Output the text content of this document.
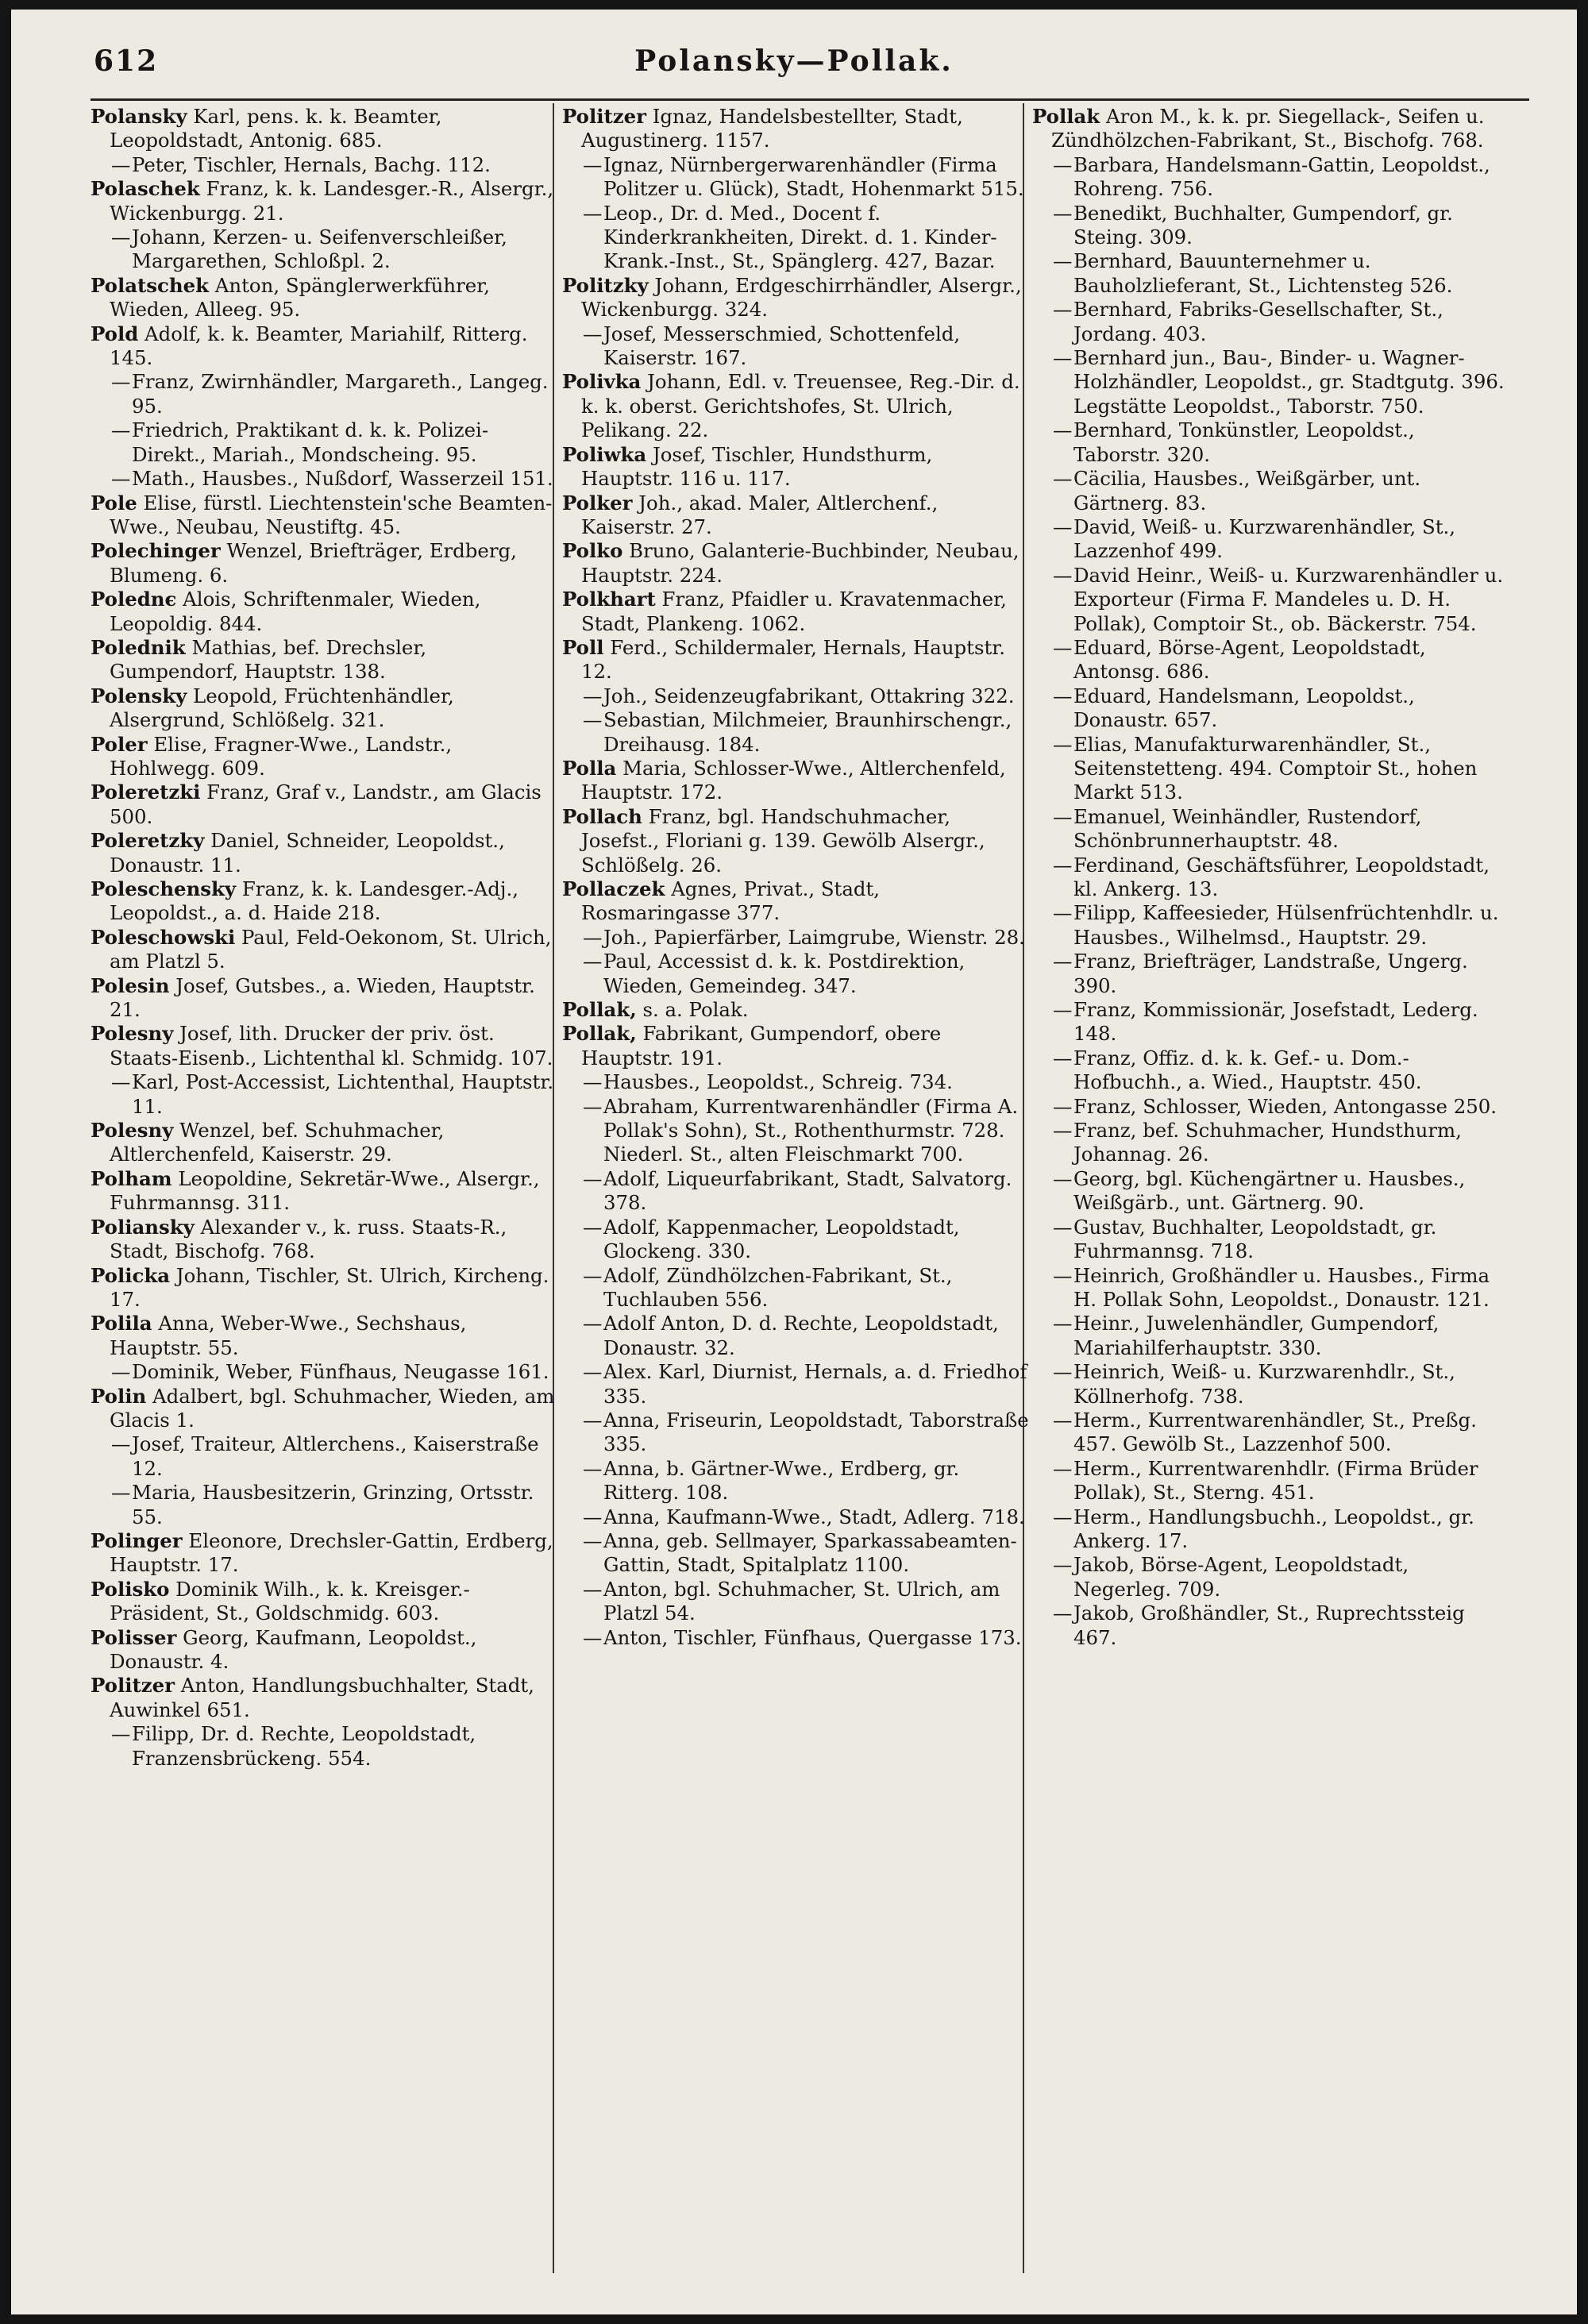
612	Polansky—Pollak.

Polansky Karl, pens. k. k. Beamter, Leopoldstadt, Antonig. 685.

—Peter, Tischler, Hernals, Bachg. 112.

Polaschek Franz, k. k. Landesger.-R., Alsergr., Wickenburgg. 21.

—Johann, Kerzen- u. Seifenverschleißer, Margarethen, Schloßpl. 2.

Polatschek Anton, Spänglerwerkführer, Wieden, Alleeg. 95.

Pold Adolf, k. k. Beamter, Mariahilf, Ritterg. 145.

—Franz, Zwirnhändler, Margareth., Langeg. 95.

—Friedrich, Praktikant d. k. k. Polizei-Direkt., Mariah., Mondscheing. 95.

—Math., Hausbes., Nußdorf, Wasserzeil 151.

Pole Elise, fürstl. Liechtenstein'sche Beamten-Wwe., Neubau, Neustiftg. 45.

Polechinger Wenzel, Briefträger, Erdberg, Blumeng. 6.

Polednє Alois, Schriftenmaler, Wieden, Leopoldig. 844.

Polednik Mathias, bef. Drechsler, Gumpendorf, Hauptstr. 138.

Polensky Leopold, Früchtenhändler, Alsergrund, Schlößelg. 321.

Poler Elise, Fragner-Wwe., Landstr., Hohlwegg. 609.

Poleretzki Franz, Graf v., Landstr., am Glacis 500.

Poleretzky Daniel, Schneider, Leopoldst., Donaustr. 11.

Poleschensky Franz, k. k. Landesger.-Adj., Leopoldst., a. d. Haide 218.

Poleschowski Paul, Feld-Oekonom, St. Ulrich, am Platzl 5.

Polesin Josef, Gutsbes., a. Wieden, Hauptstr. 21.

Polesny Josef, lith. Drucker der priv. öst. Staats-Eisenb., Lichtenthal kl. Schmidg. 107.

—Karl, Post-Accessist, Lichtenthal, Hauptstr. 11.

Polesny Wenzel, bef. Schuhmacher, Altlerchenfeld, Kaiserstr. 29.

Polham Leopoldine, Sekretär-Wwe., Alsergr., Fuhrmannsg. 311.

Poliansky Alexander v., k. russ. Staats-R., Stadt, Bischofg. 768.

Policka Johann, Tischler, St. Ulrich, Kircheng. 17.

Polila Anna, Weber-Wwe., Sechshaus, Hauptstr. 55.

—Dominik, Weber, Fünfhaus, Neugasse 161.

Polin Adalbert, bgl. Schuhmacher, Wieden, am Glacis 1.

—Josef, Traiteur, Altlerchens., Kaiserstraße 12.

—Maria, Hausbesitzerin, Grinzing, Ortsstr. 55.

Polinger Eleonore, Drechsler-Gattin, Erdberg, Hauptstr. 17.

Polisko Dominik Wilh., k. k. Kreisger.-Präsident, St., Goldschmidg. 603.

Polisser Georg, Kaufmann, Leopoldst., Donaustr. 4.

Politzer Anton, Handlungsbuchhalter, Stadt, Auwinkel 651.

—Filipp, Dr. d. Rechte, Leopoldstadt, Franzensbrückeng. 554.

Politzer Ignaz, Handelsbestellter, Stadt, Augustinerg. 1157.

—Ignaz, Nürnbergerwarenhändler (Firma Politzer u. Glück), Stadt, Hohenmarkt 515.

—Leop., Dr. d. Med., Docent f. Kinderkrankheiten, Direkt. d. 1. Kinder-Krank.-Inst., St., Spänglerg. 427, Bazar.

Politzky Johann, Erdgeschirrhändler, Alsergr., Wickenburgg. 324.

—Josef, Messerschmied, Schottenfeld, Kaiserstr. 167.

Polivka Johann, Edl. v. Treuensee, Reg.-Dir. d. k. k. oberst. Gerichtshofes, St. Ulrich, Pelikang. 22.

Poliwka Josef, Tischler, Hundsthurm, Hauptstr. 116 u. 117.

Polker Joh., akad. Maler, Altlerchenf., Kaiserstr. 27.

Polko Bruno, Galanterie-Buchbinder, Neubau, Hauptstr. 224.

Polkhart Franz, Pfaidler u. Kravatenmacher, Stadt, Plankeng. 1062.

Poll Ferd., Schildermaler, Hernals, Hauptstr. 12.

—Joh., Seidenzeugfabrikant, Ottakring 322.

—Sebastian, Milchmeier, Braunhirschengr., Dreihausg. 184.

Polla Maria, Schlosser-Wwe., Altlerchenfeld, Hauptstr. 172.

Pollach Franz, bgl. Handschuhmacher, Josefst., Floriani g. 139. Gewölb Alsergr., Schlößelg. 26.

Pollaczek Agnes, Privat., Stadt, Rosmaringasse 377.

—Joh., Papierfärber, Laimgrube, Wienstr. 28.

—Paul, Accessist d. k. k. Postdirektion, Wieden, Gemeindeg. 347.

Pollak, s. a. Polak.

Pollak, Fabrikant, Gumpendorf, obere Hauptstr. 191.

—Hausbes., Leopoldst., Schreig. 734.

—Abraham, Kurrentwarenhändler (Firma A. Pollak's Sohn), St., Rothenthurmstr. 728. Niederl. St., alten Fleischmarkt 700.

—Adolf, Liqueurfabrikant, Stadt, Salvatorg. 378.

—Adolf, Kappenmacher, Leopoldstadt, Glockeng. 330.

—Adolf, Zündhölzchen-Fabrikant, St., Tuchlauben 556.

—Adolf Anton, D. d. Rechte, Leopoldstadt, Donaustr. 32.

—Alex. Karl, Diurnist, Hernals, a. d. Friedhof 335.

—Anna, Friseurin, Leopoldstadt, Taborstraße 335.

—Anna, b. Gärtner-Wwe., Erdberg, gr. Ritterg. 108.

—Anna, Kaufmann-Wwe., Stadt, Adlerg. 718.

—Anna, geb. Sellmayer, Sparkassabeamten-Gattin, Stadt, Spitalplatz 1100.

—Anton, bgl. Schuhmacher, St. Ulrich, am Platzl 54.

—Anton, Tischler, Fünfhaus, Quergasse 173.

Pollak Aron M., k. k. pr. Siegellack-, Seifen u. Zündhölzchen-Fabrikant, St., Bischofg. 768.

—Barbara, Handelsmann-Gattin, Leopoldst., Rohreng. 756.

—Benedikt, Buchhalter, Gumpendorf, gr. Steing. 309.

—Bernhard, Bauunternehmer u. Bauholzlieferant, St., Lichtensteg 526.

—Bernhard, Fabriks-Gesellschafter, St., Jordang. 403.

—Bernhard jun., Bau-, Binder- u. Wagner-Holzhändler, Leopoldst., gr. Stadtgutg. 396. Legstätte Leopoldst., Taborstr. 750.

—Bernhard, Tonkünstler, Leopoldst., Taborstr. 320.

—Cäcilia, Hausbes., Weißgärber, unt. Gärtnerg. 83.

—David, Weiß- u. Kurzwarenhändler, St., Lazzenhof 499.

—David Heinr., Weiß- u. Kurzwarenhändler u. Exporteur (Firma F. Mandeles u. D. H. Pollak), Comptoir St., ob. Bäckerstr. 754.

—Eduard, Börse-Agent, Leopoldstadt, Antonsg. 686.

—Eduard, Handelsmann, Leopoldst., Donaustr. 657.

—Elias, Manufakturwarenhändler, St., Seitenstetteng. 494. Comptoir St., hohen Markt 513.

—Emanuel, Weinhändler, Rustendorf, Schönbrunnerhauptstr. 48.

—Ferdinand, Geschäftsführer, Leopoldstadt, kl. Ankerg. 13.

—Filipp, Kaffeesieder, Hülsenfrüchtenhdlr. u. Hausbes., Wilhelmsd., Hauptstr. 29.

—Franz, Briefträger, Landstraße, Ungerg. 390.

—Franz, Kommissionär, Josefstadt, Lederg. 148.

—Franz, Offiz. d. k. k. Gef.- u. Dom.-Hofbuchh., a. Wied., Hauptstr. 450.

—Franz, Schlosser, Wieden, Antongasse 250.

—Franz, bef. Schuhmacher, Hundsthurm, Johannag. 26.

—Georg, bgl. Küchengärtner u. Hausbes., Weißgärb., unt. Gärtnerg. 90.

—Gustav, Buchhalter, Leopoldstadt, gr. Fuhrmannsg. 718.

—Heinrich, Großhändler u. Hausbes., Firma H. Pollak Sohn, Leopoldst., Donaustr. 121.

—Heinr., Juwelenhändler, Gumpendorf, Mariahilferhauptstr. 330.

—Heinrich, Weiß- u. Kurzwarenhdlr., St., Köllnerhofg. 738.

—Herm., Kurrentwarenhändler, St., Preßg. 457. Gewölb St., Lazzenhof 500.

—Herm., Kurrentwarenhdlr. (Firma Brüder Pollak), St., Sterng. 451.

—Herm., Handlungsbuchh., Leopoldst., gr. Ankerg. 17.

—Jakob, Börse-Agent, Leopoldstadt, Negerleg. 709.

—Jakob, Großhändler, St., Ruprechtssteig 467.
